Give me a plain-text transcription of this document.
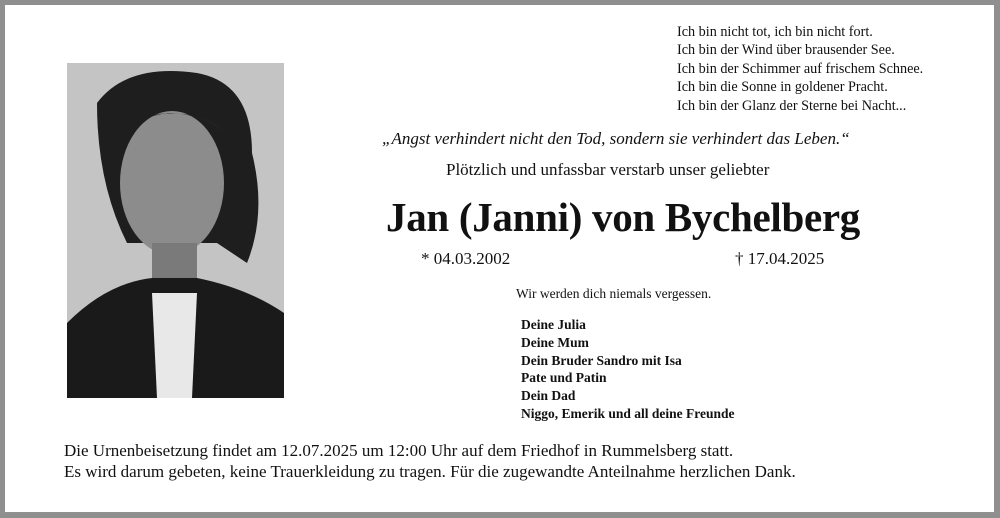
Ich bin nicht tot, ich bin nicht fort.
Ich bin der Wind über brausender See.
Ich bin der Schimmer auf frischem Schnee.
Ich bin die Sonne in goldener Pracht.
Ich bin der Glanz der Sterne bei Nacht...
„Angst verhindert nicht den Tod, sondern sie verhindert das Leben.“
Plötzlich und unfassbar verstarb unser geliebter
Jan (Janni) von Bychelberg
* 04.03.2002	† 17.04.2025
Wir werden dich niemals vergessen.
Deine Julia
Deine Mum
Dein Bruder Sandro mit Isa
Pate und Patin
Dein Dad
Niggo, Emerik und all deine Freunde
Die Urnenbeisetzung findet am 12.07.2025 um 12:00 Uhr auf dem Friedhof in Rummelsberg statt.
Es wird darum gebeten, keine Trauerkleidung zu tragen. Für die zugewandte Anteilnahme herzlichen Dank.
